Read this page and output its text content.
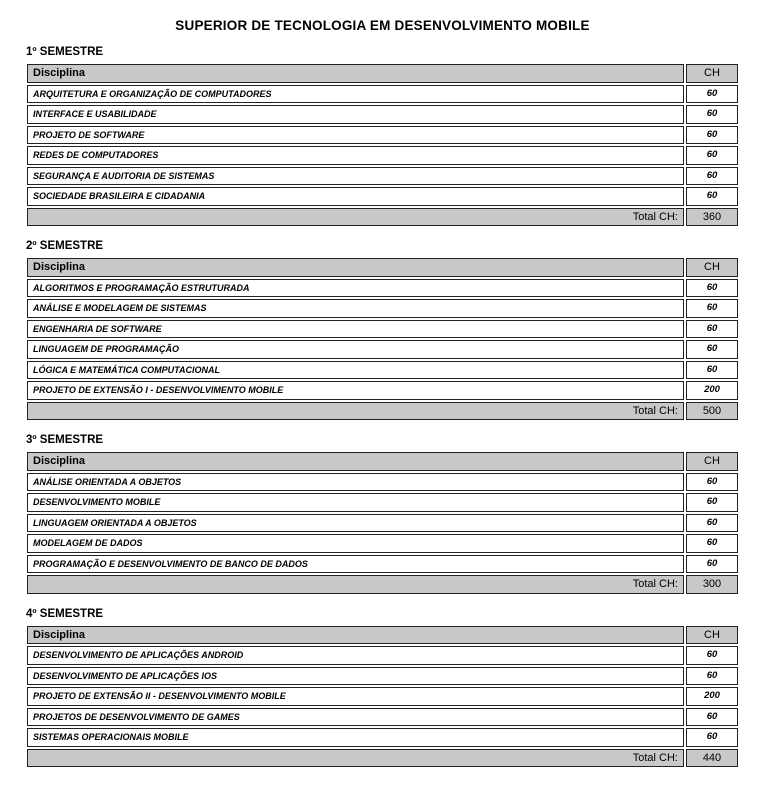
SUPERIOR DE TECNOLOGIA EM DESENVOLVIMENTO MOBILE
1º SEMESTRE
Disciplina	CH
ARQUITETURA E ORGANIZAÇÃO DE COMPUTADORES	60
INTERFACE E USABILIDADE	60
PROJETO DE SOFTWARE	60
REDES DE COMPUTADORES	60
SEGURANÇA E AUDITORIA DE SISTEMAS	60
SOCIEDADE BRASILEIRA E CIDADANIA	60
Total CH:	360
2º SEMESTRE
Disciplina	CH
ALGORITMOS E PROGRAMAÇÃO ESTRUTURADA	60
ANÁLISE E MODELAGEM DE SISTEMAS	60
ENGENHARIA DE SOFTWARE	60
LINGUAGEM DE PROGRAMAÇÃO	60
LÓGICA E MATEMÁTICA COMPUTACIONAL	60
PROJETO DE EXTENSÃO I - DESENVOLVIMENTO MOBILE	200
Total CH:	500
3º SEMESTRE
Disciplina	CH
ANÁLISE ORIENTADA A OBJETOS	60
DESENVOLVIMENTO MOBILE	60
LINGUAGEM ORIENTADA A OBJETOS	60
MODELAGEM DE DADOS	60
PROGRAMAÇÃO E DESENVOLVIMENTO DE BANCO DE DADOS	60
Total CH:	300
4º SEMESTRE
Disciplina	CH
DESENVOLVIMENTO DE APLICAÇÕES ANDROID	60
DESENVOLVIMENTO DE APLICAÇÕES IOS	60
PROJETO DE EXTENSÃO II - DESENVOLVIMENTO MOBILE	200
PROJETOS DE DESENVOLVIMENTO DE GAMES	60
SISTEMAS OPERACIONAIS MOBILE	60
Total CH:	440
